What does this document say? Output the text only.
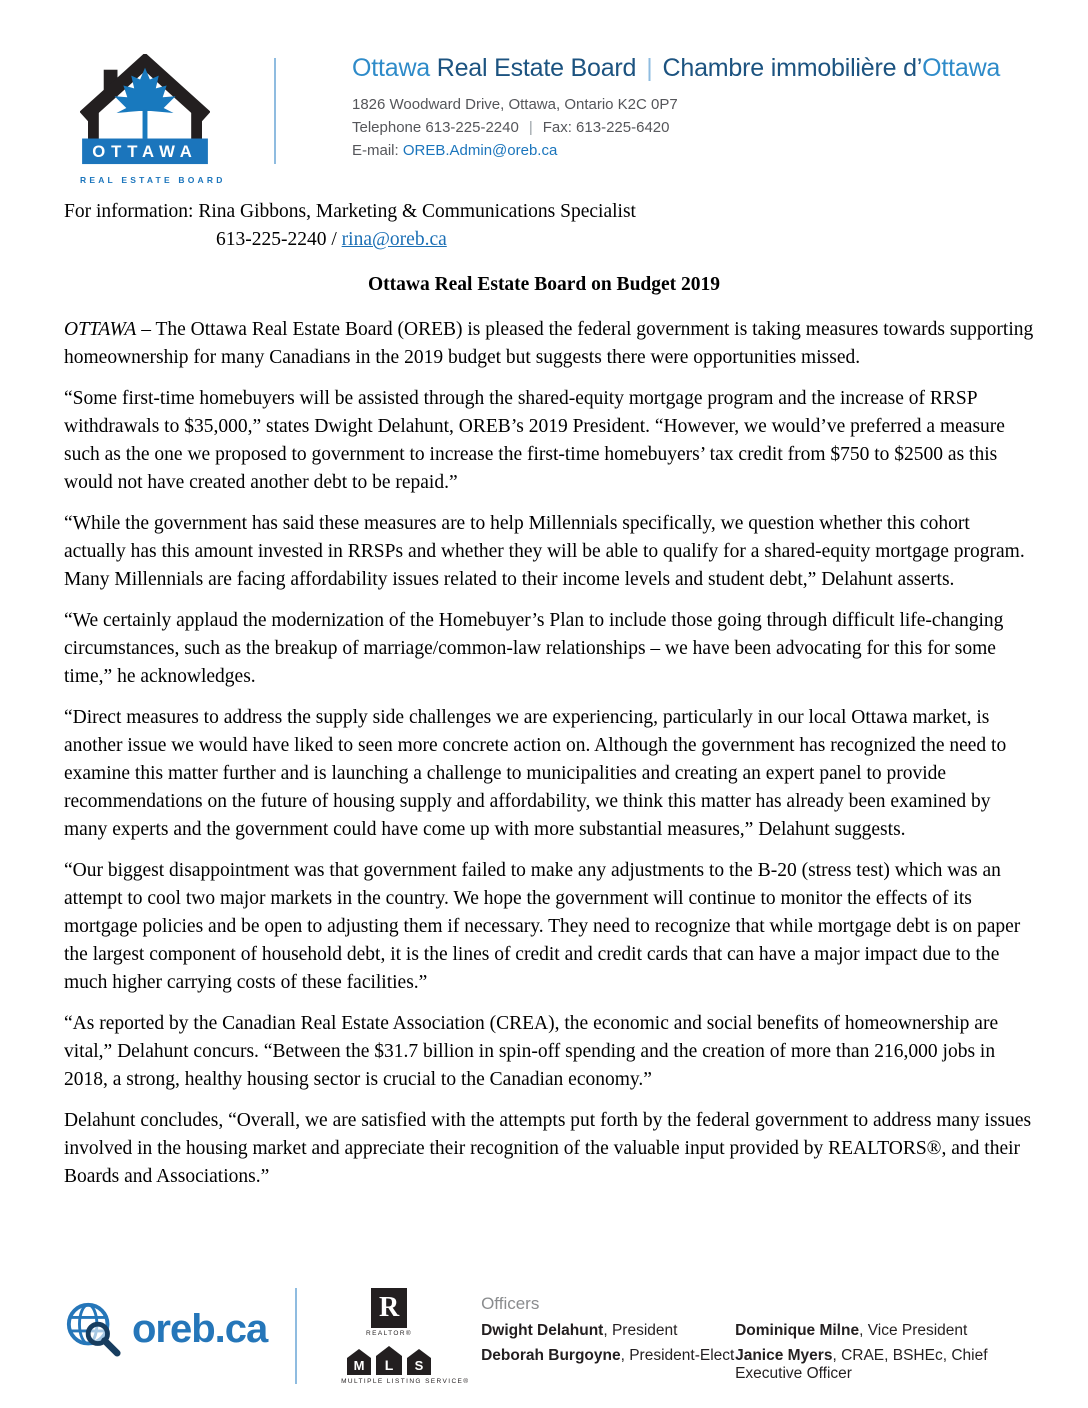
OTTAWA
REAL ESTATE BOARD
Ottawa Real Estate Board | Chambre immobilière d’Ottawa
1826 Woodward Drive, Ottawa, Ontario K2C 0P7
Telephone 613-225-2240 | Fax: 613-225-6420
E-mail: OREB.Admin@oreb.ca
For information: Rina Gibbons, Marketing & Communications Specialist
613-225-2240 / rina@oreb.ca
Ottawa Real Estate Board on Budget 2019

OTTAWA – The Ottawa Real Estate Board (OREB) is pleased the federal government is taking measures towards supporting homeownership for many Canadians in the 2019 budget but suggests there were opportunities missed.

“Some first-time homebuyers will be assisted through the shared-equity mortgage program and the increase of RRSP withdrawals to $35,000,” states Dwight Delahunt, OREB’s 2019 President. “However, we would’ve preferred a measure such as the one we proposed to government to increase the first-time homebuyers’ tax credit from $750 to $2500 as this would not have created another debt to be repaid.”

“While the government has said these measures are to help Millennials specifically, we question whether this cohort actually has this amount invested in RRSPs and whether they will be able to qualify for a shared-equity mortgage program. Many Millennials are facing affordability issues related to their income levels and student debt,” Delahunt asserts.

“We certainly applaud the modernization of the Homebuyer’s Plan to include those going through difficult life-changing circumstances, such as the breakup of marriage/common-law relationships – we have been advocating for this for some time,” he acknowledges.

“Direct measures to address the supply side challenges we are experiencing, particularly in our local Ottawa market, is another issue we would have liked to seen more concrete action on. Although the government has recognized the need to examine this matter further and is launching a challenge to municipalities and creating an expert panel to provide recommendations on the future of housing supply and affordability, we think this matter has already been examined by many experts and the government could have come up with more substantial measures,” Delahunt suggests.

“Our biggest disappointment was that government failed to make any adjustments to the B-20 (stress test) which was an attempt to cool two major markets in the country. We hope the government will continue to monitor the effects of its mortgage policies and be open to adjusting them if necessary. They need to recognize that while mortgage debt is on paper the largest component of household debt, it is the lines of credit and credit cards that can have a major impact due to the much higher carrying costs of these facilities.”

“As reported by the Canadian Real Estate Association (CREA), the economic and social benefits of homeownership are vital,” Delahunt concurs. “Between the $31.7 billion in spin-off spending and the creation of more than 216,000 jobs in 2018, a strong, healthy housing sector is crucial to the Canadian economy.”

Delahunt concludes, “Overall, we are satisfied with the attempts put forth by the federal government to address many issues involved in the housing market and appreciate their recognition of the valuable input provided by REALTORS®, and their Boards and Associations.”

oreb.ca	R
REALTOR®
M L S
MULTIPLE LISTING SERVICE®
Officers
Dwight Delahunt, President	Dominique Milne, Vice President
Deborah Burgoyne, President-Elect Janice Myers, CRAE, BSHEc, Chief Executive Officer
